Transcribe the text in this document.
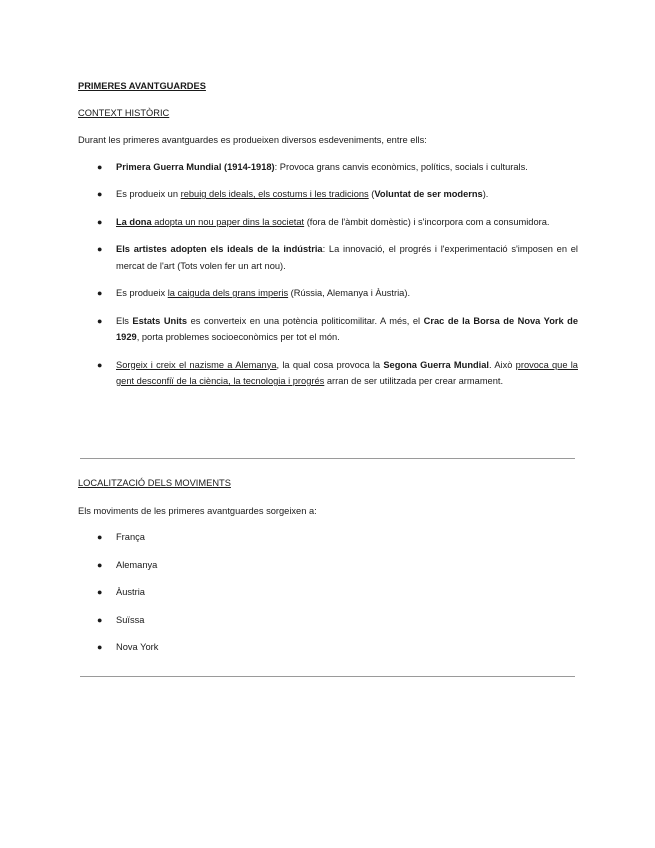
PRIMERES AVANTGUARDES

CONTEXT HISTÒRIC

Durant les primeres avantguardes es produeixen diversos esdeveniments, entre ells:

● Primera Guerra Mundial (1914-1918): Provoca grans canvis econòmics, polítics, socials i culturals.
● Es produeix un rebuig dels ideals, els costums i les tradicions (Voluntat de ser moderns).
● La dona adopta un nou paper dins la societat (fora de l'àmbit domèstic) i s'incorpora com a consumidora.
● Els artistes adopten els ideals de la indústria: La innovació, el progrés i l'experimentació s'imposen en el mercat de l'art (Tots volen fer un art nou).
● Es produeix la caiguda dels grans imperis (Rússia, Alemanya i Àustria).
● Els Estats Units es converteix en una potència politicomilitar. A més, el Crac de la Borsa de Nova York de 1929, porta problemes socioeconòmics per tot el món.
● Sorgeix i creix el nazisme a Alemanya, la qual cosa provoca la Segona Guerra Mundial. Això provoca que la gent desconfiï de la ciència, la tecnologia i progrés arran de ser utilitzada per crear armament.

LOCALITZACIÓ DELS MOVIMENTS

Els moviments de les primeres avantguardes sorgeixen a:

● França
● Alemanya
● Àustria
● Suïssa
● Nova York
